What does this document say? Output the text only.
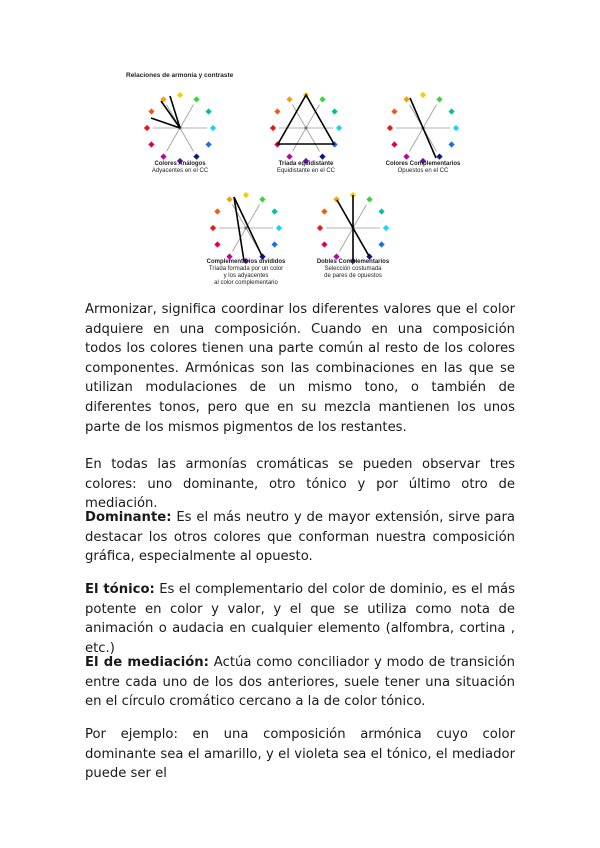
Relaciones de armonía y contraste
Colores Análogos
Adyacentes en el CC
Tríada equidistante
Equidistante en el CC
Colores Complementarios
Opuestos en el CC
Complementarios divididos
Tríada formada por un color
y los adyacentes
al color complementario
Dobles Complementarios
Selección costumada
de pares de opuestos

Armonizar, significa coordinar los diferentes valores que el color adquiere en una composición. Cuando en una composición todos los colores tienen una parte común al resto de los colores componentes. Armónicas son las combinaciones en las que se utilizan modulaciones de un mismo tono, o también de diferentes tonos, pero que en su mezcla mantienen los unos parte de los mismos pigmentos de los restantes.

En todas las armonías cromáticas se pueden observar tres colores: uno dominante, otro tónico y por último otro de mediación.

Dominante: Es el más neutro y de mayor extensión, sirve para destacar los otros colores que conforman nuestra composición gráfica, especialmente al opuesto.

El tónico: Es el complementario del color de dominio, es el más potente en color y valor, y el que se utiliza como nota de animación o audacia en cualquier elemento (alfombra, cortina , etc.)

El de mediación: Actúa como conciliador y modo de transición entre cada uno de los dos anteriores, suele tener una situación en el círculo cromático cercano a la de color tónico.

Por ejemplo: en una composición armónica cuyo color dominante sea el amarillo, y el violeta sea el tónico, el mediador puede ser el
